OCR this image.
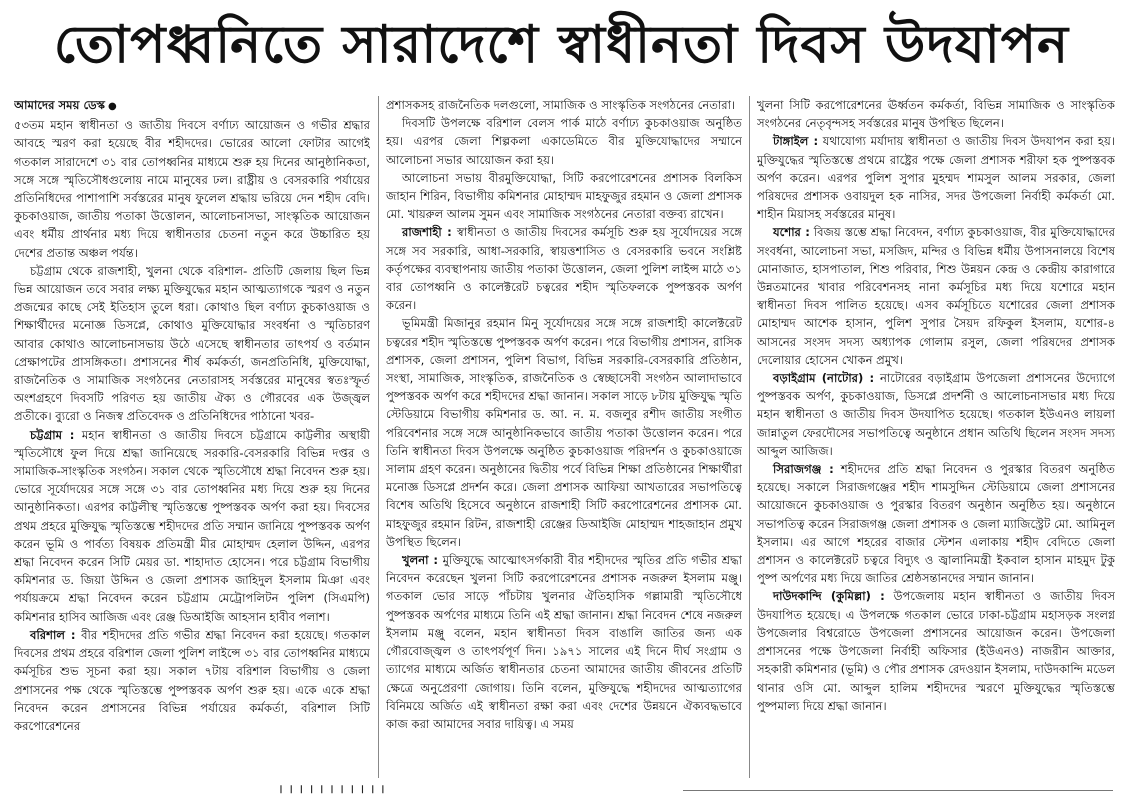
তোপধ্বনিতে সারাদেশে স্বাধীনতা দিবস উদযাপন
আমাদের সময় ডেস্ক ●

৫৩তম মহান স্বাধীনতা ও জাতীয় দিবসে বর্ণাঢ্য আয়োজন ও গভীর শ্রদ্ধার আবহে স্মরণ করা হয়েছে বীর শহীদদের। ভোরের আলো ফোটার আগেই গতকাল সারাদেশে ৩১ বার তোপধ্বনির মাধ্যমে শুরু হয় দিনের আনুষ্ঠানিকতা, সঙ্গে সঙ্গে স্মৃতিসৌধগুলোয় নামে মানুষের ঢল। রাষ্ট্রীয় ও বেসরকারি পর্যায়ের প্রতিনিধিদের পাশাপাশি সর্বস্তরের মানুষ ফুলেল শ্রদ্ধায় ভরিয়ে দেন শহীদ বেদি। কুচকাওয়াজ, জাতীয় পতাকা উত্তোলন, আলোচনাসভা, সাংস্কৃতিক আয়োজন এবং ধর্মীয় প্রার্থনার মধ্য দিয়ে স্বাধীনতার চেতনা নতুন করে উচ্চারিত হয় দেশের প্রতান্ত অঞ্চল পর্যন্ত।

চট্টগ্রাম থেকে রাজশাহী, খুলনা থেকে বরিশাল- প্রতিটি জেলায় ছিল ভিন্ন ভিন্ন আয়োজন তবে সবার লক্ষ্য মুক্তিযুদ্ধের মহান আত্মত্যাগকে স্মরণ ও নতুন প্রজন্মের কাছে সেই ইতিহাস তুলে ধরা। কোথাও ছিল বর্ণাঢ্য কুচকাওয়াজ ও শিক্ষার্থীদের মনোজ্ঞ ডিসপ্লে, কোথাও মুক্তিযোদ্ধার সংবর্ধনা ও স্মৃতিচারণ আবার কোথাও আলোচনাসভায় উঠে এসেছে স্বাধীনতার তাৎপর্য ও বর্তমান প্রেক্ষাপটের প্রাসঙ্গিকতা। প্রশাসনের শীর্ষ কর্মকর্তা, জনপ্রতিনিধি, মুক্তিযোদ্ধা, রাজনৈতিক ও সামাজিক সংগঠনের নেতারাসহ সর্বস্তরের মানুষের স্বতঃস্ফূর্ত অংশগ্রহণে দিবসটি পরিণত হয় জাতীয় ঐক্য ও গৌরবের এক উজ্জ্বল প্রতীকে। ব্যুরো ও নিজস্ব প্রতিবেদক ও প্রতিনিধিদের পাঠানো খবর-

চট্টগ্রাম : মহান স্বাধীনতা ও জাতীয় দিবসে চট্টগ্রামে কাট্টলীর অস্থায়ী স্মৃতিসৌধে ফুল দিয়ে শ্রদ্ধা জানিয়েছে সরকারি-বেসরকারি বিভিন্ন দপ্তর ও সামাজিক-সাংস্কৃতিক সংগঠন। সকাল থেকে স্মৃতিসৌধে শ্রদ্ধা নিবেদন শুরু হয়। ভোরে সূর্যোদয়ের সঙ্গে সঙ্গে ৩১ বার তোপধ্বনির মধ্য দিয়ে শুরু হয় দিনের আনুষ্ঠানিকতা। এরপর কাট্টলীস্থ স্মৃতিস্তম্ভে পুষ্পস্তবক অর্পণ করা হয়। দিবসের প্রথম প্রহরে মুক্তিযুদ্ধ স্মৃতিস্তম্ভে শহীদদের প্রতি সম্মান জানিয়ে পুষ্পস্তবক অর্পণ করেন ভূমি ও পার্বত্য বিষয়ক প্রতিমন্ত্রী মীর মোহাম্মদ হেলাল উদ্দিন, এরপর শ্রদ্ধা নিবেদন করেন সিটি মেয়র ডা. শাহাদাত হোসেন। পরে চট্টগ্রাম বিভাগীয় কমিশনার ড. জিয়া উদ্দিন ও জেলা প্রশাসক জাহিদুল ইসলাম মিঞা এবং পর্যায়ক্রমে শ্রদ্ধা নিবেদন করেন চট্টগ্রাম মেট্রোপলিটন পুলিশ (সিএমপি) কমিশনার হাসিব আজিজ এবং রেঞ্জ ডিআইজি আহসান হাবীব পলাশ।

বরিশাল : বীর শহীদদের প্রতি গভীর শ্রদ্ধা নিবেদন করা হয়েছে। গতকাল দিবসের প্রথম প্রহরে বরিশাল জেলা পুলিশ লাইন্সে ৩১ বার তোপধ্বনির মাধ্যমে কর্মসূচির শুভ সূচনা করা হয়। সকাল ৭টায় বরিশাল বিভাগীয় ও জেলা প্রশাসনের পক্ষ থেকে স্মৃতিস্তম্ভে পুষ্পস্তবক অর্পণ শুরু হয়। একে একে শ্রদ্ধা নিবেদন করেন প্রশাসনের বিভিন্ন পর্যায়ের কর্মকর্তা, বরিশাল সিটি করপোরেশনের

প্রশাসকসহ রাজনৈতিক দলগুলো, সামাজিক ও সাংস্কৃতিক সংগঠনের নেতারা।

দিবসটি উপলক্ষে বরিশাল বেলস পার্ক মাঠে বর্ণাঢ্য কুচকাওয়াজ অনুষ্ঠিত হয়। এরপর জেলা শিল্পকলা একাডেমিতে বীর মুক্তিযোদ্ধাদের সম্মানে আলোচনা সভার আয়োজন করা হয়।

আলোচনা সভায় বীরমুক্তিযোদ্ধা, সিটি করপোরেশনের প্রশাসক বিলকিস জাহান শিরিন, বিভাগীয় কমিশনার মোহাম্মদ মাহফুজুর রহমান ও জেলা প্রশাসক মো. খায়রুল আলম সুমন এবং সামাজিক সংগঠনের নেতারা বক্তব্য রাখেন।

রাজশাহী : স্বাধীনতা ও জাতীয় দিবসের কর্মসূচি শুরু হয় সূর্যোদয়ের সঙ্গে সঙ্গে সব সরকারি, আধা-সরকারি, স্বায়ত্তশাসিত ও বেসরকারি ভবনে সংশ্লিষ্ট কর্তৃপক্ষের ব্যবস্থাপনায় জাতীয় পতাকা উত্তোলন, জেলা পুলিশ লাইন্স মাঠে ৩১ বার তোপধ্বনি ও কালেক্টরেট চত্বরের শহীদ স্মৃতিফলকে পুষ্পস্তবক অর্পণ করেন।

ভূমিমন্ত্রী মিজানুর রহমান মিনু সূর্যোদয়ের সঙ্গে সঙ্গে রাজশাহী কালেক্টরেট চত্বরের শহীদ স্মৃতিস্তম্ভে পুষ্পস্তবক অর্পণ করেন। পরে বিভাগীয় প্রশাসন, রাসিক প্রশাসক, জেলা প্রশাসন, পুলিশ বিভাগ, বিভিন্ন সরকারি-বেসরকারি প্রতিষ্ঠান, সংস্থা, সামাজিক, সাংস্কৃতিক, রাজনৈতিক ও স্বেচ্ছাসেবী সংগঠন আলাদাভাবে পুষ্পস্তবক অর্পণ করে শহীদদের শ্রদ্ধা জানান। সকাল সাড়ে ৮টায় মুক্তিযুদ্ধ স্মৃতি স্টেডিয়ামে বিভাগীয় কমিশনার ড. আ. ন. ম. বজলুর রশীদ জাতীয় সংগীত পরিবেশনার সঙ্গে সঙ্গে আনুষ্ঠানিকভাবে জাতীয় পতাকা উত্তোলন করেন। পরে তিনি স্বাধীনতা দিবস উপলক্ষে অনুষ্ঠিত কুচকাওয়াজ পরিদর্শন ও কুচকাওয়াজে সালাম গ্রহণ করেন। অনুষ্ঠানের দ্বিতীয় পর্বে বিভিন্ন শিক্ষা প্রতিষ্ঠানের শিক্ষার্থীরা মনোজ্ঞ ডিসপ্লে প্রদর্শন করে। জেলা প্রশাসক আফিয়া আখতারের সভাপতিত্বে বিশেষ অতিথি হিসেবে অনুষ্ঠানে রাজশাহী সিটি করপোরেশনের প্রশাসক মো. মাহফুজুর রহমান রিটন, রাজশাহী রেঞ্জের ডিআইজি মোহাম্মদ শাহজাহান প্রমুখ উপস্থিত ছিলেন।

খুলনা : মুক্তিযুদ্ধে আত্মোৎসর্গকারী বীর শহীদদের স্মৃতির প্রতি গভীর শ্রদ্ধা নিবেদন করেছেন খুলনা সিটি করপোরেশনের প্রশাসক নজরুল ইসলাম মঞ্জু। গতকাল ভোর সাড়ে পাঁচটায় খুলনার ঐতিহাসিক গল্লামারী স্মৃতিসৌধে পুষ্পস্তবক অর্পণের মাধ্যমে তিনি এই শ্রদ্ধা জানান। শ্রদ্ধা নিবেদন শেষে নজরুল ইসলাম মঞ্জু বলেন, মহান স্বাধীনতা দিবস বাঙালি জাতির জন্য এক গৌরবোজ্জ্বল ও তাৎপর্যপূর্ণ দিন। ১৯৭১ সালের এই দিনে দীর্ঘ সংগ্রাম ও ত্যাগের মাধ্যমে অর্জিত স্বাধীনতার চেতনা আমাদের জাতীয় জীবনের প্রতিটি ক্ষেত্রে অনুপ্রেরণা জোগায়। তিনি বলেন, মুক্তিযুদ্ধে শহীদদের আত্মত্যাগের বিনিময়ে অর্জিত এই স্বাধীনতা রক্ষা করা এবং দেশের উন্নয়নে ঐক্যবদ্ধভাবে কাজ করা আমাদের সবার দায়িত্ব। এ সময়

খুলনা সিটি করপোরেশনের ঊর্ধ্বতন কর্মকর্তা, বিভিন্ন সামাজিক ও সাংস্কৃতিক সংগঠনের নেতৃবৃন্দসহ সর্বস্তরের মানুষ উপস্থিত ছিলেন।

টাঙ্গাইল : যথাযোগ্য মর্যাদায় স্বাধীনতা ও জাতীয় দিবস উদযাপন করা হয়। মুক্তিযুদ্ধের স্মৃতিস্তম্ভে প্রথমে রাষ্ট্রের পক্ষে জেলা প্রশাসক শরীফা হক পুষ্পস্তবক অর্পণ করেন। এরপর পুলিশ সুপার মুহম্মদ শামসুল আলম সরকার, জেলা পরিষদের প্রশাসক ওবায়দুল হক নাসির, সদর উপজেলা নির্বাহী কর্মকর্তা মো. শাহীন মিয়াসহ সর্বস্তরের মানুষ।

যশোর : বিজয় স্তম্ভে শ্রদ্ধা নিবেদন, বর্ণাঢ্য কুচকাওয়াজ, বীর মুক্তিযোদ্ধাদের সংবর্ধনা, আলোচনা সভা, মসজিদ, মন্দির ও বিভিন্ন ধর্মীয় উপাসনালয়ে বিশেষ মোনাজাত, হাসপাতাল, শিশু পরিবার, শিশু উন্নয়ন কেন্দ্র ও কেন্দ্রীয় কারাগারে উন্নতমানের খাবার পরিবেশনসহ নানা কর্মসূচির মধ্য দিয়ে যশোরে মহান স্বাধীনতা দিবস পালিত হয়েছে। এসব কর্মসূচিতে যশোরের জেলা প্রশাসক মোহাম্মদ আশেক হাসান, পুলিশ সুপার সৈয়দ রফিকুল ইসলাম, যশোর-৪ আসনের সংসদ সদস্য অধ্যাপক গোলাম রসুল, জেলা পরিষদের প্রশাসক দেলোয়ার হোসেন খোকন প্রমুখ।

বড়াইগ্রাম (নাটোর) : নাটোরের বড়াইগ্রাম উপজেলা প্রশাসনের উদ্যোগে পুষ্পস্তবক অর্পণ, কুচকাওয়াজ, ডিসপ্লে প্রদর্শনী ও আলোচনাসভার মধ্য দিয়ে মহান স্বাধীনতা ও জাতীয় দিবস উদযাপিত হয়েছে। গতকাল ইউএনও লায়লা জান্নাতুল ফেরদৌসের সভাপতিত্বে অনুষ্ঠানে প্রধান অতিথি ছিলেন সংসদ সদস্য আব্দুল আজিজ।

সিরাজগঞ্জ : শহীদদের প্রতি শ্রদ্ধা নিবেদন ও পুরস্কার বিতরণ অনুষ্ঠিত হয়েছে। সকালে সিরাজগঞ্জের শহীদ শামসুদ্দিন স্টেডিয়ামে জেলা প্রশাসনের আয়োজনে কুচকাওয়াজ ও পুরস্কার বিতরণ অনুষ্ঠান অনুষ্ঠিত হয়। অনুষ্ঠানে সভাপতিত্ব করেন সিরাজগঞ্জ জেলা প্রশাসক ও জেলা ম্যাজিস্ট্রেট মো. আমিনুল ইসলাম। এর আগে শহরের বাজার স্টেশন এলাকায় শহীদ বেদিতে জেলা প্রশাসন ও কালেক্টরেট চত্বরে বিদ্যুৎ ও জ্বালানিমন্ত্রী ইকবাল হাসান মাহমুদ টুকু পুষ্প অর্পণের মধ্য দিয়ে জাতির শ্রেষ্ঠসন্তানদের সম্মান জানান।

দাউদকান্দি (কুমিল্লা) : উপজেলায় মহান স্বাধীনতা ও জাতীয় দিবস উদযাপিত হয়েছে। এ উপলক্ষে গতকাল ভোরে ঢাকা-চট্টগ্রাম মহাসড়ক সংলগ্ন উপজেলার বিশ্বরোডে উপজেলা প্রশাসনের আয়োজন করেন। উপজেলা প্রশাসনের পক্ষে উপজেলা নির্বাহী অফিসার (ইউএনও) নাজরীন আক্তার, সহকারী কমিশনার (ভূমি) ও পৌর প্রশাসক রেদওয়ান ইসলাম, দাউদকান্দি মডেল থানার ওসি মো. আব্দুল হালিম শহীদদের স্মরণে মুক্তিযুদ্ধের স্মৃতিস্তম্ভে পুষ্পমাল্য দিয়ে শ্রদ্ধা জানান।

৷ ৷ ৷ ৷ ৷ ৷ ৷ ৷ ৷ ৷ ৷
